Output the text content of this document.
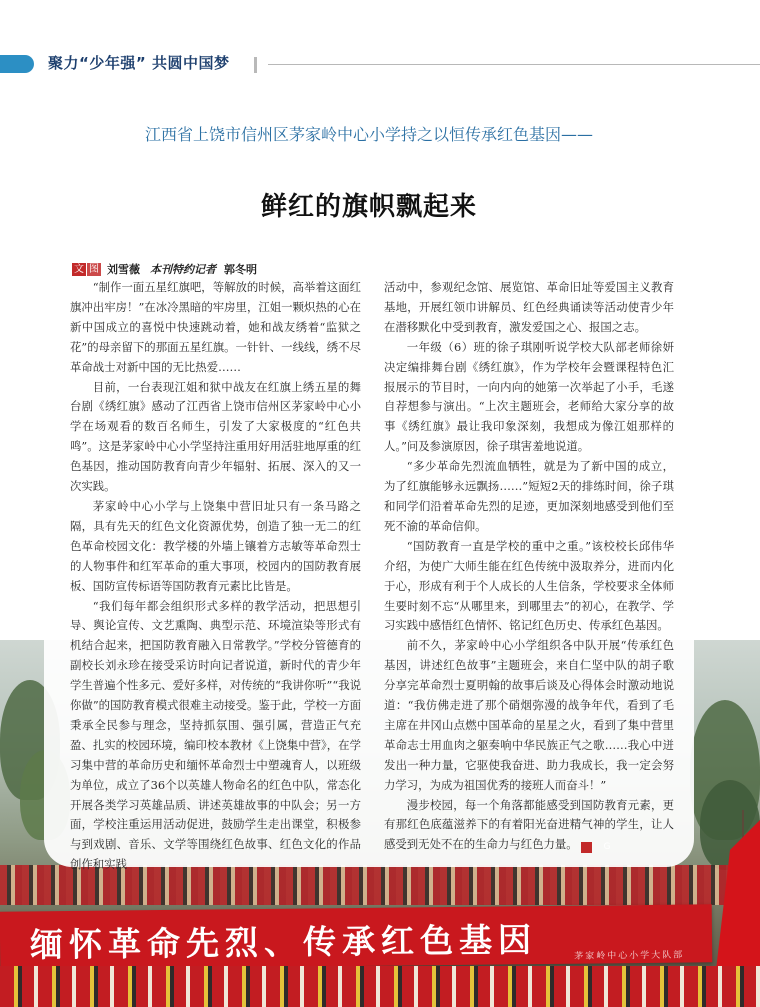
缅怀革命先烈、传承红色基因	茅家岭中心小学大队部
聚力“少年强” 共圆中国梦
江西省上饶市信州区茅家岭中心小学持之以恒传承红色基因——
鲜红的旗帜飘起来
文 图 刘雪薇 本刊特约记者 郭冬明

“制作一面五星红旗吧，等解放的时候，高举着这面红旗冲出牢房！”在冰冷黑暗的牢房里，江姐一颗炽热的心在新中国成立的喜悦中快速跳动着，她和战友绣着“监狱之花”的母亲留下的那面五星红旗。一针针、一线线，绣不尽革命战士对新中国的无比热爱……

目前，一台表现江姐和狱中战友在红旗上绣五星的舞台剧《绣红旗》感动了江西省上饶市信州区茅家岭中心小学在场观看的数百名师生，引发了大家极度的“红色共鸣”。这是茅家岭中心小学坚持注重用好用活驻地厚重的红色基因，推动国防教育向青少年辐射、拓展、深入的又一次实践。

茅家岭中心小学与上饶集中营旧址只有一条马路之隔，具有先天的红色文化资源优势，创造了独一无二的红色革命校园文化：教学楼的外墙上镶着方志敏等革命烈士的人物事件和红军革命的重大事项，校园内的国防教育展板、国防宣传标语等国防教育元素比比皆是。

“我们每年都会组织形式多样的教学活动，把思想引导、舆论宣传、文艺熏陶、典型示范、环境渲染等形式有机结合起来，把国防教育融入日常教学。”学校分管德育的副校长刘永珍在接受采访时向记者说道，新时代的青少年学生普遍个性多元、爱好多样，对传统的“我讲你听”“我说你做”的国防教育模式很难主动接受。鉴于此，学校一方面秉承全民参与理念，坚持抓氛围、强引属，营造正气充盈、扎实的校园环境，编印校本教材《上饶集中营》，在学习集中营的革命历史和缅怀革命烈士中塑魂育人，以班级为单位，成立了36个以英雄人物命名的红色中队，常态化开展各类学习英雄品质、讲述英雄故事的中队会；另一方面，学校注重运用活动促进，鼓励学生走出课堂，积极参与到戏剧、音乐、文学等围绕红色故事、红色文化的作品创作和实践

活动中，参观纪念馆、展览馆、革命旧址等爱国主义教育基地，开展红领巾讲解员、红色经典诵读等活动使青少年在潜移默化中受到教育，激发爱国之心、报国之志。

一年级（6）班的徐子琪刚听说学校大队部老师徐妍决定编排舞台剧《绣红旗》，作为学校年会暨课程特色汇报展示的节目时，一向内向的她第一次举起了小手，毛遂自荐想参与演出。“上次主题班会，老师给大家分享的故事《绣红旗》最让我印象深刻，我想成为像江姐那样的人。”问及参演原因，徐子琪害羞地说道。

“多少革命先烈流血牺牲，就是为了新中国的成立，为了红旗能够永远飘扬……”短短2天的排练时间，徐子琪和同学们沿着革命先烈的足迹，更加深刻地感受到他们至死不渝的革命信仰。

“国防教育一直是学校的重中之重。”该校校长邱伟华介绍，为使广大师生能在红色传统中汲取养分，进而内化于心，形成有利于个人成长的人生信条，学校要求全体师生要时刻不忘“从哪里来，到哪里去”的初心，在教学、学习实践中感悟红色情怀、铭记红色历史、传承红色基因。

前不久，茅家岭中心小学组织各中队开展“传承红色基因，讲述红色故事”主题班会，来自仁坚中队的胡子歌分享完革命烈士夏明翰的故事后谈及心得体会时激动地说道：“我仿佛走进了那个硝烟弥漫的战争年代，看到了毛主席在井冈山点燃中国革命的星星之火，看到了集中营里革命志士用血肉之躯奏响中华民族正气之歌……我心中迸发出一种力量，它驱使我奋进、助力我成长，我一定会努力学习，为成为祖国优秀的接班人而奋斗！”

漫步校园，每一个角落都能感受到国防教育元素，更有那红色底蕴滋养下的有着阳光奋进精气神的学生，让人感受到无处不在的生命力与红色力量。	G
